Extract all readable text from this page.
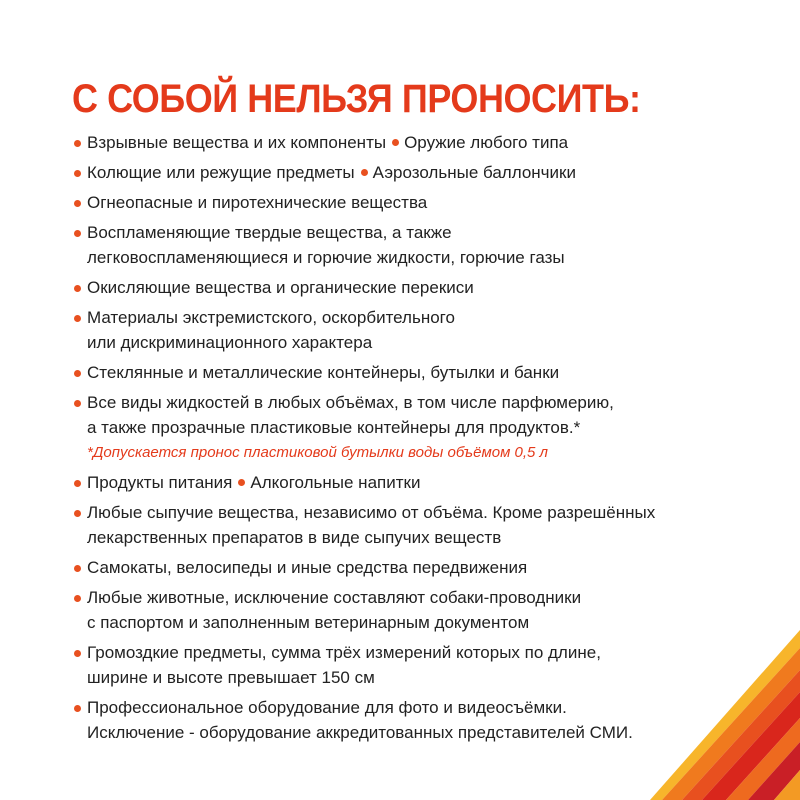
С СОБОЙ НЕЛЬЗЯ ПРОНОСИТЬ:
Взрывные вещества и их компоненты Оружие любого типа
Колющие или режущие предметы Аэрозольные баллончики
Огнеопасные и пиротехнические вещества
Воспламеняющие твердые вещества, а также
легковоспламеняющиеся и горючие жидкости, горючие газы
Окисляющие вещества и органические перекиси
Материалы экстремистского, оскорбительного
или дискриминационного характера
Стеклянные и металлические контейнеры, бутылки и банки
Все виды жидкостей в любых объёмах, в том числе парфюмерию,
а также прозрачные пластиковые контейнеры для продуктов.*
*Допускается пронос пластиковой бутылки воды объёмом 0,5 л
Продукты питания Алкогольные напитки
Любые сыпучие вещества, независимо от объёма. Кроме разрешённых
лекарственных препаратов в виде сыпучих веществ
Самокаты, велосипеды и иные средства передвижения
Любые животные, исключение составляют собаки-проводники
с паспортом и заполненным ветеринарным документом
Громоздкие предметы, сумма трёх измерений которых по длине,
ширине и высоте превышает 150 см
Профессиональное оборудование для фото и видеосъёмки.
Исключение - оборудование аккредитованных представителей СМИ.
